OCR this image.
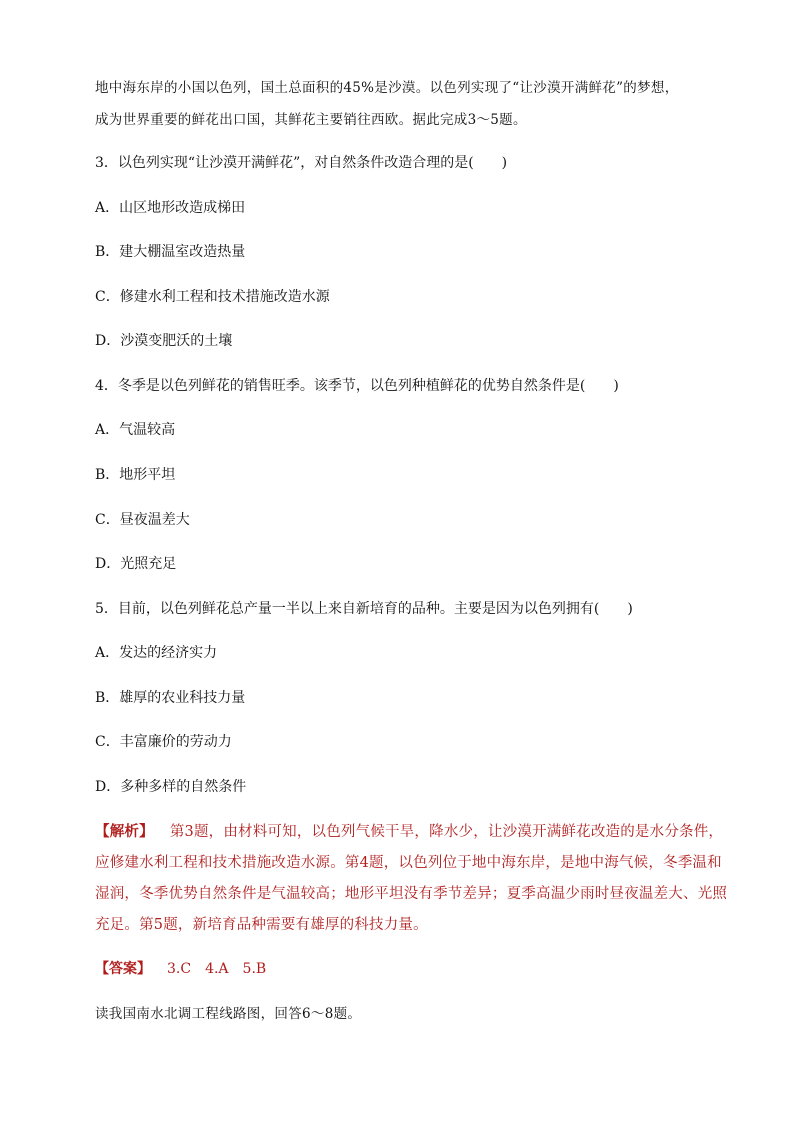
地中海东岸的小国以色列，国土总面积的45%是沙漠。以色列实现了“让沙漠开满鲜花”的梦想，
成为世界重要的鲜花出口国，其鲜花主要销往西欧。据此完成3～5题。
3．以色列实现“让沙漠开满鲜花”，对自然条件改造合理的是(　　)
A．山区地形改造成梯田
B．建大棚温室改造热量
C．修建水利工程和技术措施改造水源
D．沙漠变肥沃的土壤
4．冬季是以色列鲜花的销售旺季。该季节，以色列种植鲜花的优势自然条件是(　　)
A．气温较高
B．地形平坦
C．昼夜温差大
D．光照充足
5．目前，以色列鲜花总产量一半以上来自新培育的品种。主要是因为以色列拥有(　　)
A．发达的经济实力
B．雄厚的农业科技力量
C．丰富廉价的劳动力
D．多种多样的自然条件
【解析】 第3题，由材料可知，以色列气候干旱，降水少，让沙漠开满鲜花改造的是水分条件，
应修建水利工程和技术措施改造水源。第4题，以色列位于地中海东岸，是地中海气候，冬季温和
湿润，冬季优势自然条件是气温较高；地形平坦没有季节差异；夏季高温少雨时昼夜温差大、光照
充足。第5题，新培育品种需要有雄厚的科技力量。
【答案】 3.C　4.A　5.B
读我国南水北调工程线路图，回答6～8题。
